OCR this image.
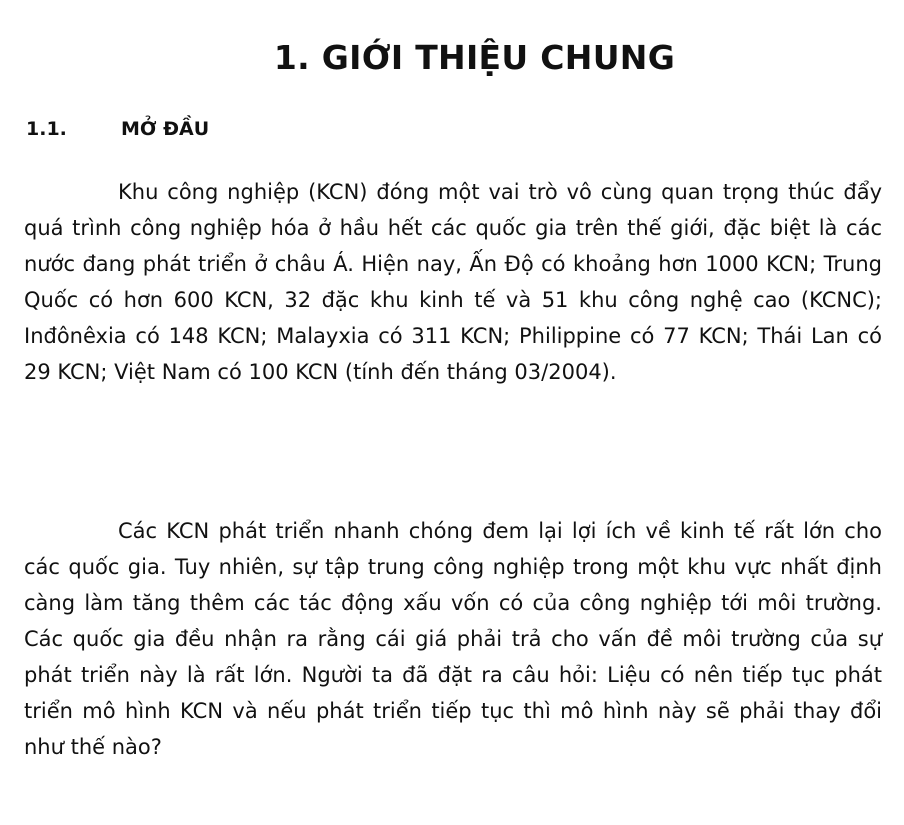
1. GIỚI THIỆU CHUNG
1.1.	MỞ ĐẦU

Khu công nghiệp (KCN) đóng một vai trò vô cùng quan trọng thúc đẩy quá trình công nghiệp hóa ở hầu hết các quốc gia trên thế giới, đặc biệt là các nước đang phát triển ở châu Á. Hiện nay, Ấn Độ có khoảng hơn 1000 KCN; Trung Quốc có hơn 600 KCN, 32 đặc khu kinh tế và 51 khu công nghệ cao (KCNC); Inđônêxia có 148 KCN; Malayxia có 311 KCN; Philippine có 77 KCN; Thái Lan có 29 KCN; Việt Nam có 100 KCN (tính đến tháng 03/2004).

Các KCN phát triển nhanh chóng đem lại lợi ích về kinh tế rất lớn cho các quốc gia. Tuy nhiên, sự tập trung công nghiệp trong một khu vực nhất định càng làm tăng thêm các tác động xấu vốn có của công nghiệp tới môi trường. Các quốc gia đều nhận ra rằng cái giá phải trả cho vấn đề môi trường của sự phát triển này là rất lớn. Người ta đã đặt ra câu hỏi: Liệu có nên tiếp tục phát triển mô hình KCN và nếu phát triển tiếp tục thì mô hình này sẽ phải thay đổi như thế nào?
